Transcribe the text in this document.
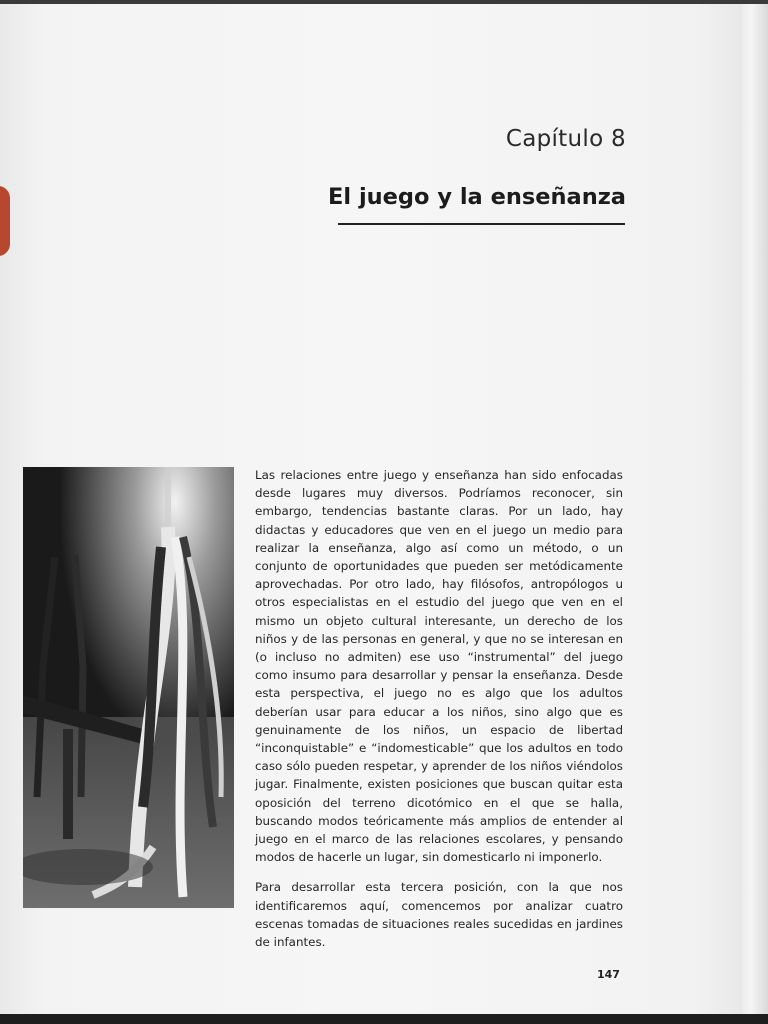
Capítulo 8
El juego y la enseñanza

Las relaciones entre juego y enseñanza han sido enfocadas desde lugares muy diversos. Podríamos reconocer, sin embargo, tendencias bastante claras. Por un lado, hay didactas y educadores que ven en el juego un medio para realizar la enseñanza, algo así como un método, o un conjunto de oportunidades que pueden ser metódicamente aprovechadas. Por otro lado, hay filósofos, antropólogos u otros especialistas en el estudio del juego que ven en el mismo un objeto cultural interesante, un derecho de los niños y de las personas en general, y que no se interesan en (o incluso no admiten) ese uso “instrumental” del juego como insumo para desarrollar y pensar la enseñanza. Desde esta perspectiva, el juego no es algo que los adultos deberían usar para educar a los niños, sino algo que es genuinamente de los niños, un espacio de libertad “inconquistable” e “indomesticable” que los adultos en todo caso sólo pueden respetar, y aprender de los niños viéndolos jugar. Finalmente, existen posiciones que buscan quitar esta oposición del terreno dicotómico en el que se halla, buscando modos teóricamente más amplios de entender al juego en el marco de las relaciones escolares, y pensando modos de hacerle un lugar, sin domesticarlo ni imponerlo.

Para desarrollar esta tercera posición, con la que nos identificaremos aquí, comencemos por analizar cuatro escenas tomadas de situaciones reales sucedidas en jardines de infantes.

147
